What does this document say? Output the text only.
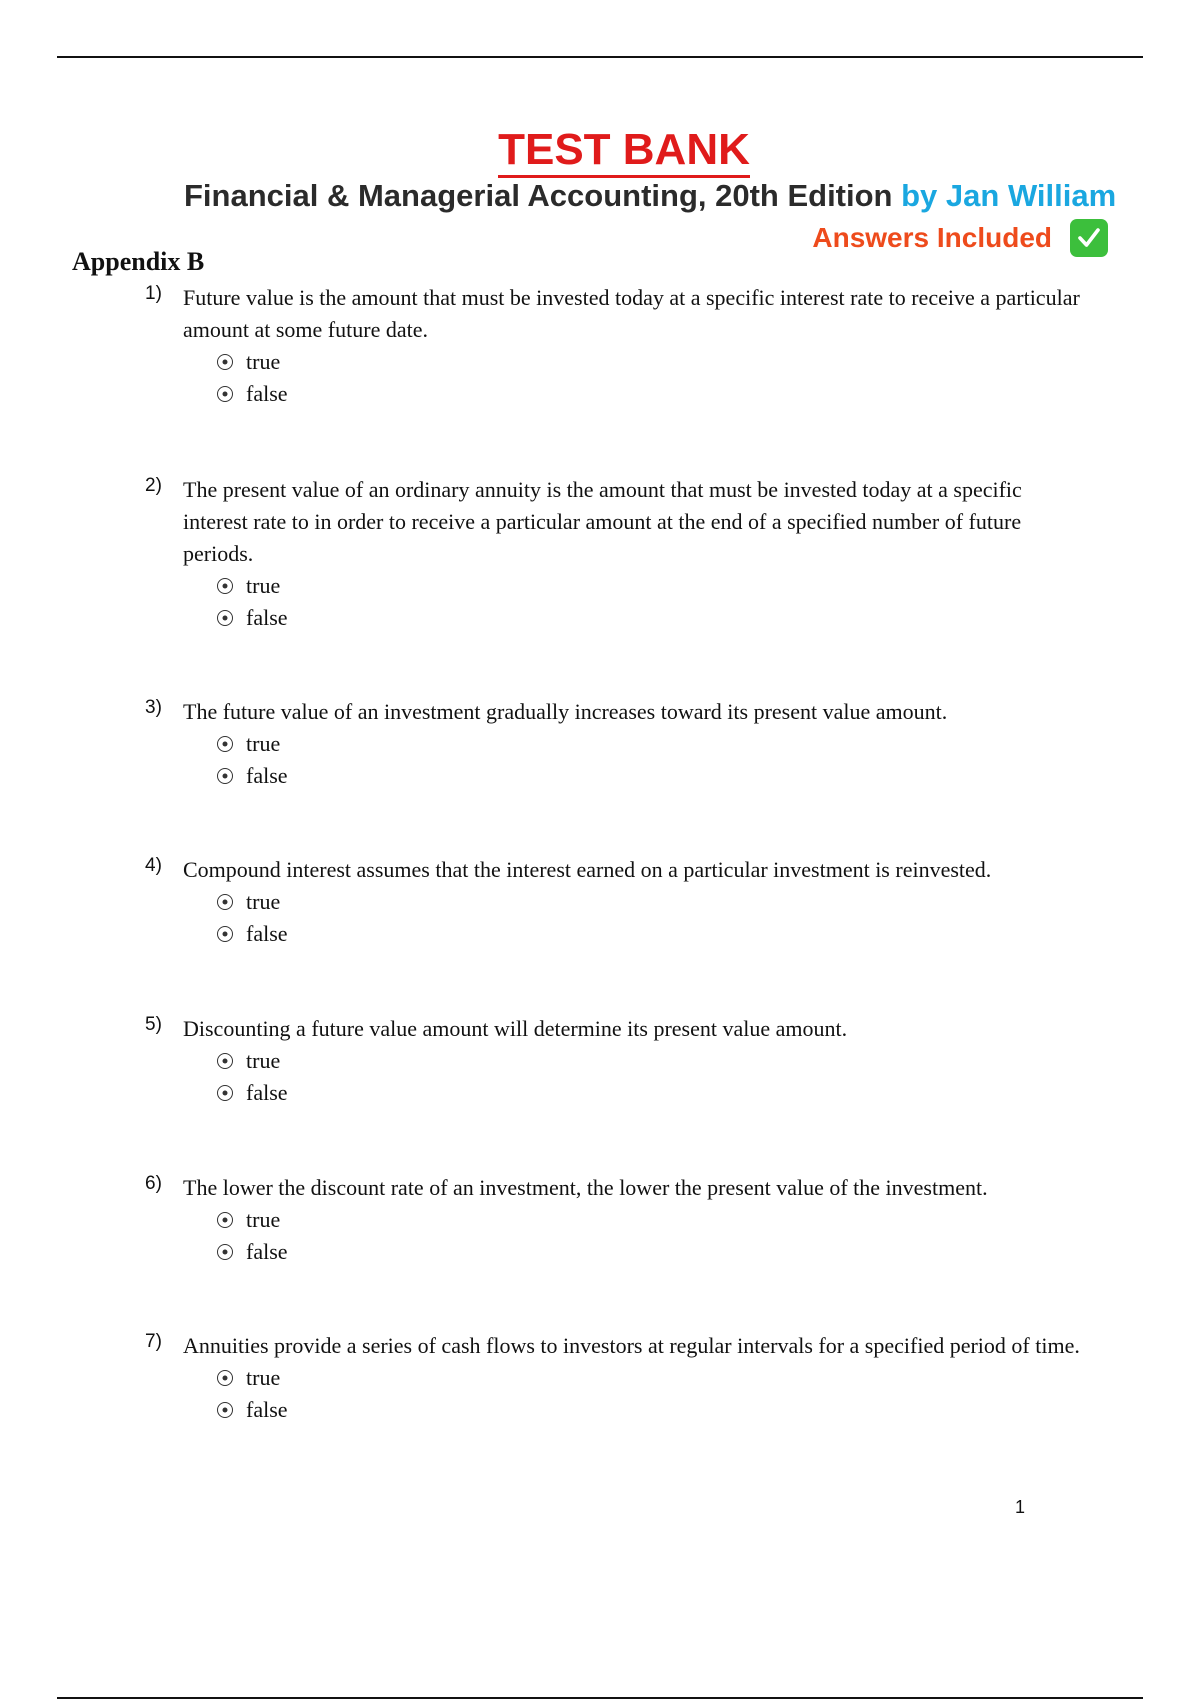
TEST BANK
Financial & Managerial Accounting, 20th Edition by Jan William
Answers Included
Appendix B
1) Future value is the amount that must be invested today at a specific interest rate to receive a particular amount at some future date.
true
false
2) The present value of an ordinary annuity is the amount that must be invested today at a specific interest rate to in order to receive a particular amount at the end of a specified number of future periods.
true
false
3) The future value of an investment gradually increases toward its present value amount.
true
false
4) Compound interest assumes that the interest earned on a particular investment is reinvested.
true
false
5) Discounting a future value amount will determine its present value amount.
true
false
6) The lower the discount rate of an investment, the lower the present value of the investment.
true
false
7) Annuities provide a series of cash flows to investors at regular intervals for a specified period of time.
true
false
1
